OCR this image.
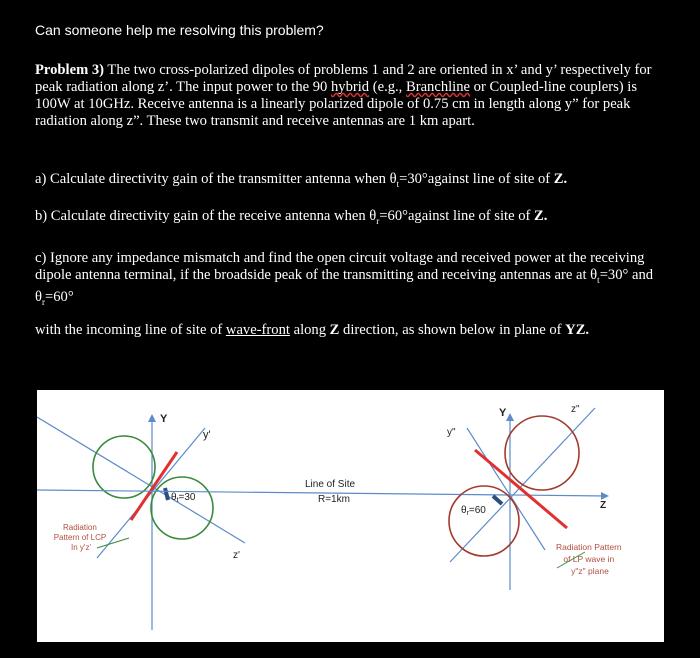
Can someone help me resolving this problem?
Problem 3) The two cross-polarized dipoles of problems 1 and 2 are oriented in x’ and y’ respectively for peak radiation along z’. The input power to the 90 hybrid (e.g., Branchline or Coupled-line couplers) is 100W at 10GHz. Receive antenna is a linearly polarized dipole of 0.75 cm in length along y” for peak radiation along z”. These two transmit and receive antennas are 1 km apart.
a) Calculate directivity gain of the transmitter antenna when $\theta_t=30^\circ against$ line of site of Z.
b) Calculate directivity gain of the receive antenna when $\theta_r=60^\circ against$ line of site of Z.
c) Ignore any impedance mismatch and find the open circuit voltage and received power at the receiving dipole antenna terminal, if the broadside peak of the transmitting and receiving antennas are at $\theta_t=30^\circ$ and $\theta_r=60^\circ$
with the incoming line of site of wave-front along Z direction, as shown below in plane of YZ.
Y
y'
z'
$\theta_t=30$
Radiation Pattern of LCP In y'z'
Line of Site
R=1km
Y
y"
z"
Z
$\theta_r=60$
Radiation Pattern of LP wave in y"z" plane
